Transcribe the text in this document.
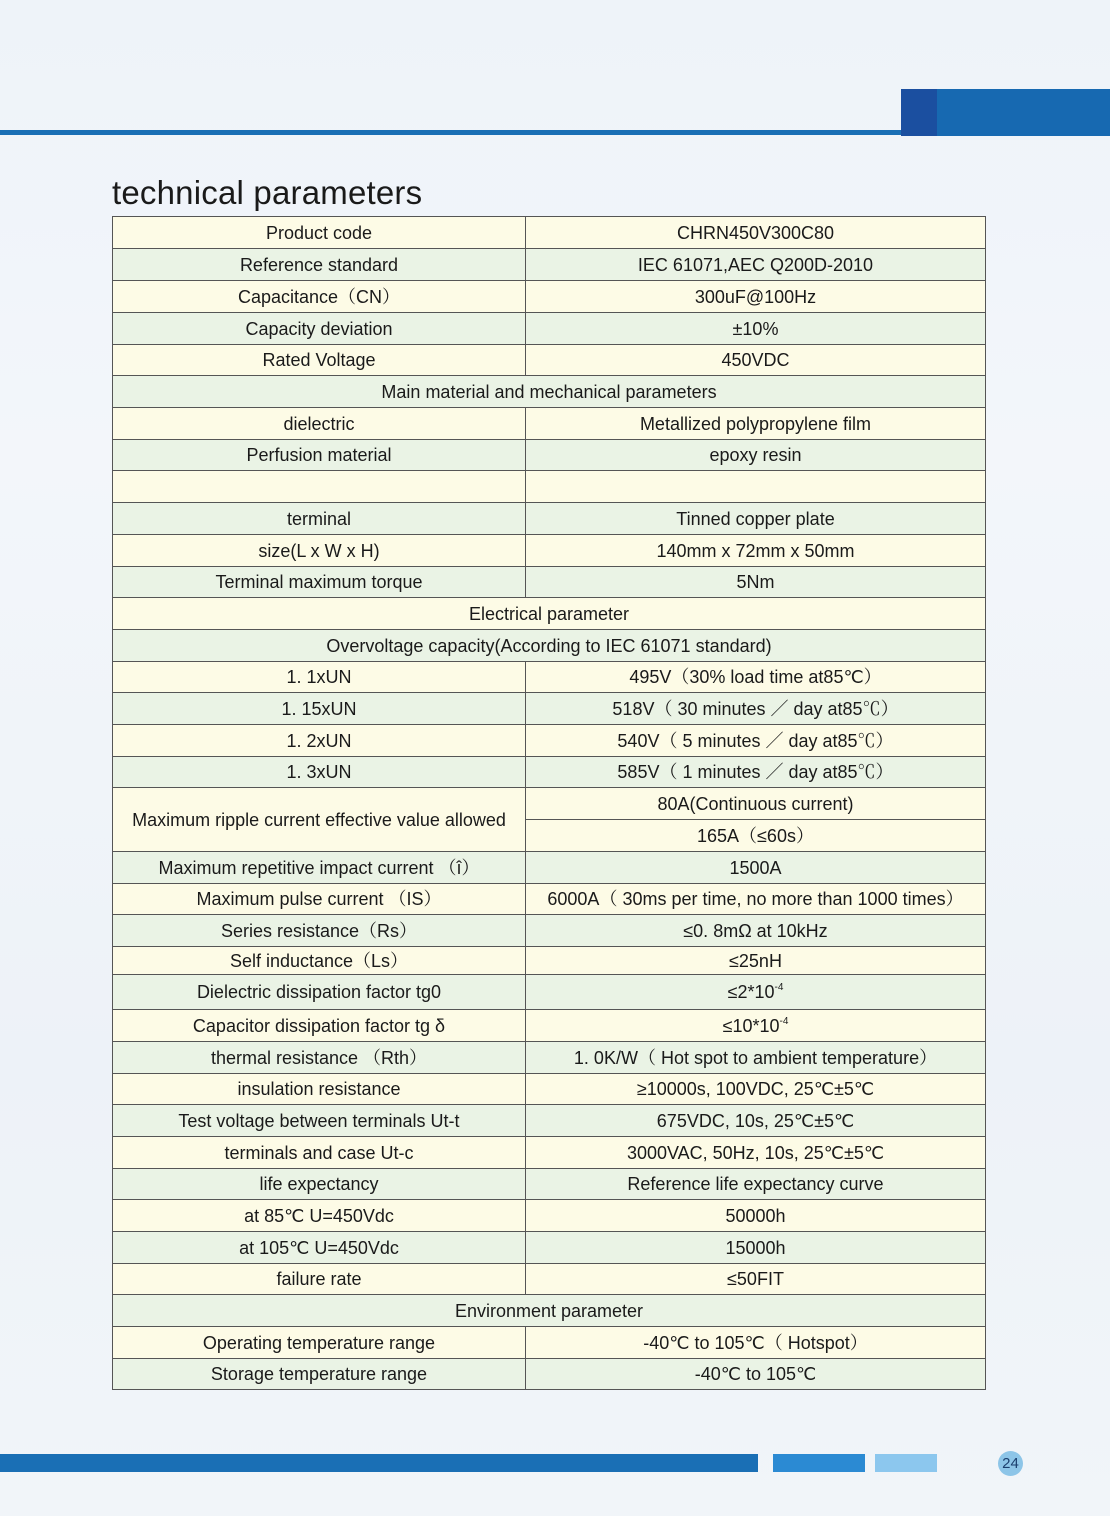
technical parameters
Product code	CHRN450V300C80
Reference standard	IEC 61071,AEC Q200D-2010
Capacitance（CN）	300uF@100Hz
Capacity deviation	±10%
Rated Voltage	450VDC
Main material and mechanical parameters	
dielectric	Metallized polypropylene film
Perfusion material	epoxy resin

terminal	Tinned copper plate
size(L x W x H)	140mm x 72mm x 50mm
Terminal maximum torque	5Nm
Electrical parameter	
Overvoltage capacity(According to IEC 61071 standard)	
1. 1xUN	495V（30% load time at85℃）
1. 15xUN	518V（ 30 minutes ／ day at85℃）
1. 2xUN	540V（ 5 minutes ／ day at85℃）
1. 3xUN	585V（ 1 minutes ／ day at85℃）
Maximum ripple current effective value allowed	80A(Continuous current)
	165A（≤60s）
Maximum repetitive impact current （î）	1500A
Maximum pulse current （IS）	6000A（ 30ms per time, no more than 1000 times）
Series resistance（Rs）	≤0. 8mΩ at 10kHz
Self inductance（Ls）	≤25nH
Dielectric dissipation factor tg0	$\le 2*10^{-4}$
Capacitor dissipation factor tg δ	$\le 10*10^{-4}$
thermal resistance （Rth）	1. 0K/W（ Hot spot to ambient temperature）
insulation resistance	≥10000s, 100VDC, 25℃±5℃
Test voltage between terminals Ut-t	675VDC, 10s, 25℃±5℃
terminals and case Ut-c	3000VAC, 50Hz, 10s, 25℃±5℃
life expectancy	Reference life expectancy curve
at 85℃ U=450Vdc	50000h
at 105℃ U=450Vdc	15000h
failure rate	≤50FIT
Environment parameter	
Operating temperature range	-40℃ to 105℃（ Hotspot）
Storage temperature range	-40℃ to 105℃
24
